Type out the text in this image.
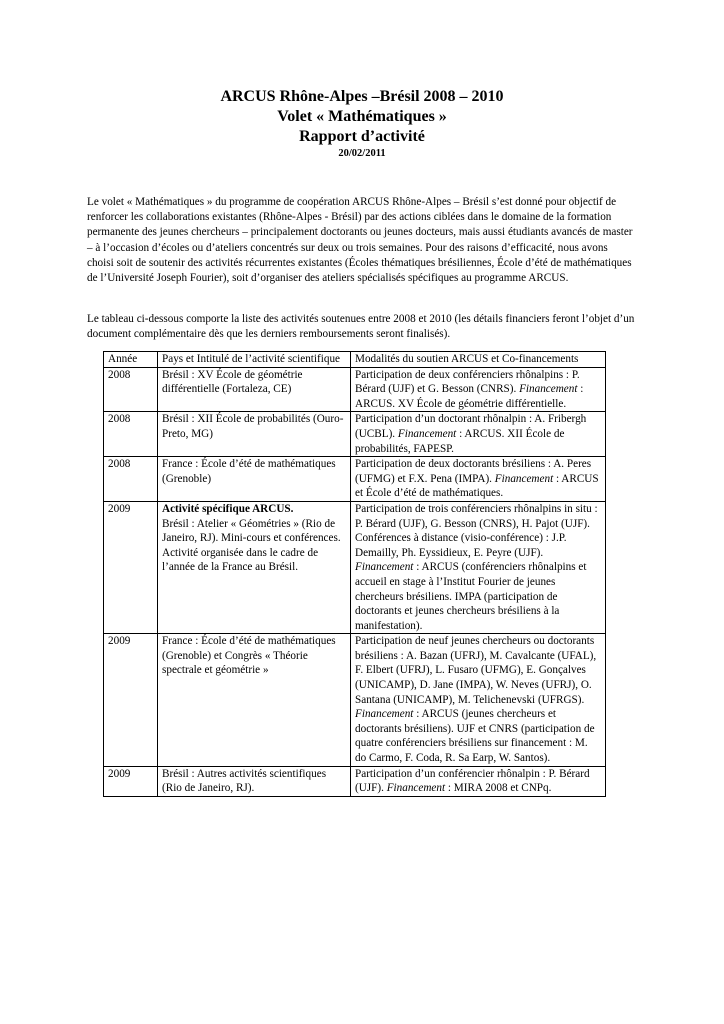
ARCUS Rhône-Alpes –Brésil 2008 – 2010

Volet « Mathématiques »

Rapport d’activité

20/02/2011

Le volet « Mathématiques » du programme de coopération ARCUS Rhône-Alpes – Brésil s’est donné pour objectif de renforcer les collaborations existantes (Rhône-Alpes - Brésil) par des actions ciblées dans le domaine de la formation permanente des jeunes chercheurs – principalement doctorants ou jeunes docteurs, mais aussi étudiants avancés de master – à l’occasion d’écoles ou d’ateliers concentrés sur deux ou trois semaines. Pour des raisons d’efficacité, nous avons choisi soit de soutenir des activités récurrentes existantes (Écoles thématiques brésiliennes, École d’été de mathématiques de l’Université Joseph Fourier), soit d’organiser des ateliers spécialisés spécifiques au programme ARCUS.

Le tableau ci-dessous comporte la liste des activités soutenues entre 2008 et 2010 (les détails financiers feront l’objet d’un document complémentaire dès que les derniers remboursements seront finalisés).

Année	Pays et Intitulé de l’activité scientifique	Modalités du soutien ARCUS et Co-financements
2008	Brésil : XV École de géométrie différentielle (Fortaleza, CE)	Participation de deux conférenciers rhônalpins : P. Bérard (UJF) et G. Besson (CNRS). Financement : ARCUS. XV École de géométrie différentielle.
2008	Brésil : XII École de probabilités (Ouro-Preto, MG)	Participation d’un doctorant rhônalpin : A. Fribergh (UCBL). Financement : ARCUS. XII École de probabilités, FAPESP.
2008	France : École d’été de mathématiques (Grenoble)	Participation de deux doctorants brésiliens : A. Peres (UFMG) et F.X. Pena (IMPA). Financement : ARCUS et École d’été de mathématiques.
2009	Activité spécifique ARCUS.
Brésil : Atelier « Géométries » (Rio de Janeiro, RJ). Mini-cours et conférences. Activité organisée dans le cadre de l’année de la France au Brésil.	Participation de trois conférenciers rhônalpins in situ : P. Bérard (UJF), G. Besson (CNRS), H. Pajot (UJF). Conférences à distance (visio-conférence) : J.P. Demailly, Ph. Eyssidieux, E. Peyre (UJF). Financement : ARCUS (conférenciers rhônalpins et accueil en stage à l’Institut Fourier de jeunes chercheurs brésiliens. IMPA (participation de doctorants et jeunes chercheurs brésiliens à la manifestation).
2009	France : École d’été de mathématiques (Grenoble) et Congrès « Théorie spectrale et géométrie »	Participation de neuf jeunes chercheurs ou doctorants brésiliens : A. Bazan (UFRJ), M. Cavalcante (UFAL), F. Elbert (UFRJ), L. Fusaro (UFMG), E. Gonçalves (UNICAMP), D. Jane (IMPA), W. Neves (UFRJ), O. Santana (UNICAMP), M. Telichenevski (UFRGS). Financement : ARCUS (jeunes chercheurs et doctorants brésiliens). UJF et CNRS (participation de quatre conférenciers brésiliens sur financement : M. do Carmo, F. Coda, R. Sa Earp, W. Santos).
2009	Brésil : Autres activités scientifiques (Rio de Janeiro, RJ).	Participation d’un conférencier rhônalpin : P. Bérard (UJF). Financement : MIRA 2008 et CNPq.
